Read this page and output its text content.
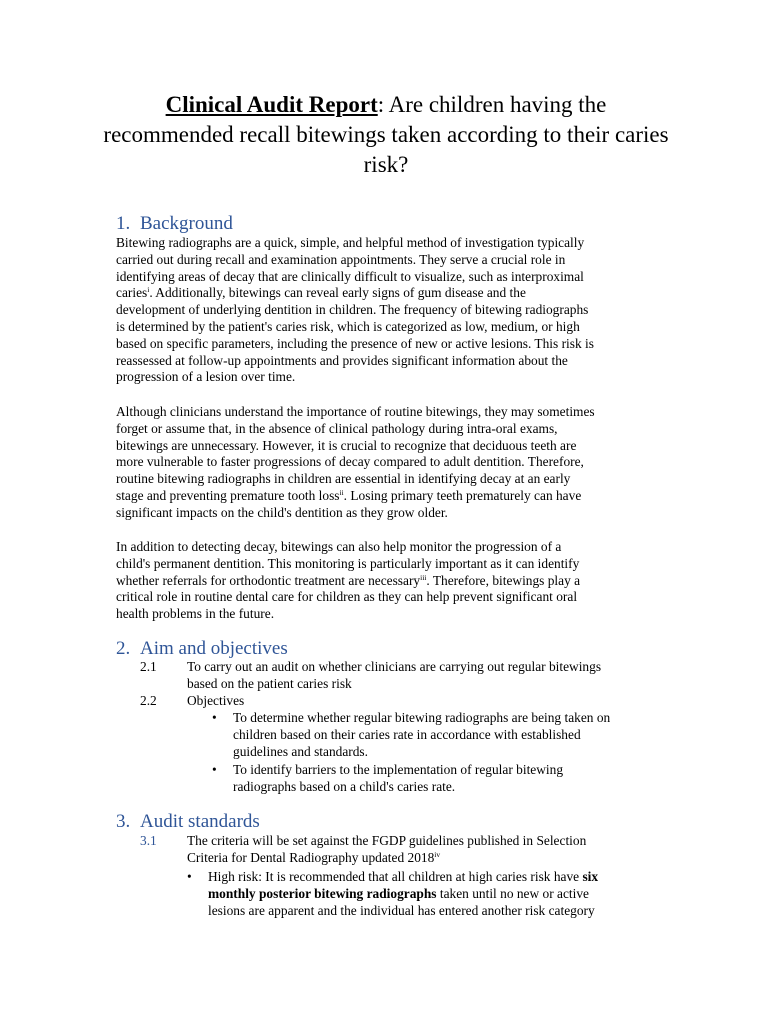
Clinical Audit Report: Are children having the recommended recall bitewings taken according to their caries risk?
1. Background
Bitewing radiographs are a quick, simple, and helpful method of investigation typically
carried out during recall and examination appointments. They serve a crucial role in
identifying areas of decay that are clinically difficult to visualize, such as interproximal
caries$^i$. Additionally, bitewings can reveal early signs of gum disease and the
development of underlying dentition in children. The frequency of bitewing radiographs
is determined by the patient's caries risk, which is categorized as low, medium, or high
based on specific parameters, including the presence of new or active lesions. This risk is
reassessed at follow-up appointments and provides significant information about the
progression of a lesion over time.
Although clinicians understand the importance of routine bitewings, they may sometimes
forget or assume that, in the absence of clinical pathology during intra-oral exams,
bitewings are unnecessary. However, it is crucial to recognize that deciduous teeth are
more vulnerable to faster progressions of decay compared to adult dentition. Therefore,
routine bitewing radiographs in children are essential in identifying decay at an early
stage and preventing premature tooth loss$^{ii}$. Losing primary teeth prematurely can have
significant impacts on the child's dentition as they grow older.
In addition to detecting decay, bitewings can also help monitor the progression of a
child's permanent dentition. This monitoring is particularly important as it can identify
whether referrals for orthodontic treatment are necessary$^{iii}$. Therefore, bitewings play a
critical role in routine dental care for children as they can help prevent significant oral
health problems in the future.
2. Aim and objectives
2.1 To carry out an audit on whether clinicians are carrying out regular bitewings
based on the patient caries risk
2.2 Objectives
• To determine whether regular bitewing radiographs are being taken on
children based on their caries rate in accordance with established
guidelines and standards.
• To identify barriers to the implementation of regular bitewing
radiographs based on a child's caries rate.
3. Audit standards
3.1 The criteria will be set against the FGDP guidelines published in Selection
Criteria for Dental Radiography updated 2018$^{iv}$
• High risk: It is recommended that all children at high caries risk have six
monthly posterior bitewing radiographs taken until no new or active
lesions are apparent and the individual has entered another risk category
